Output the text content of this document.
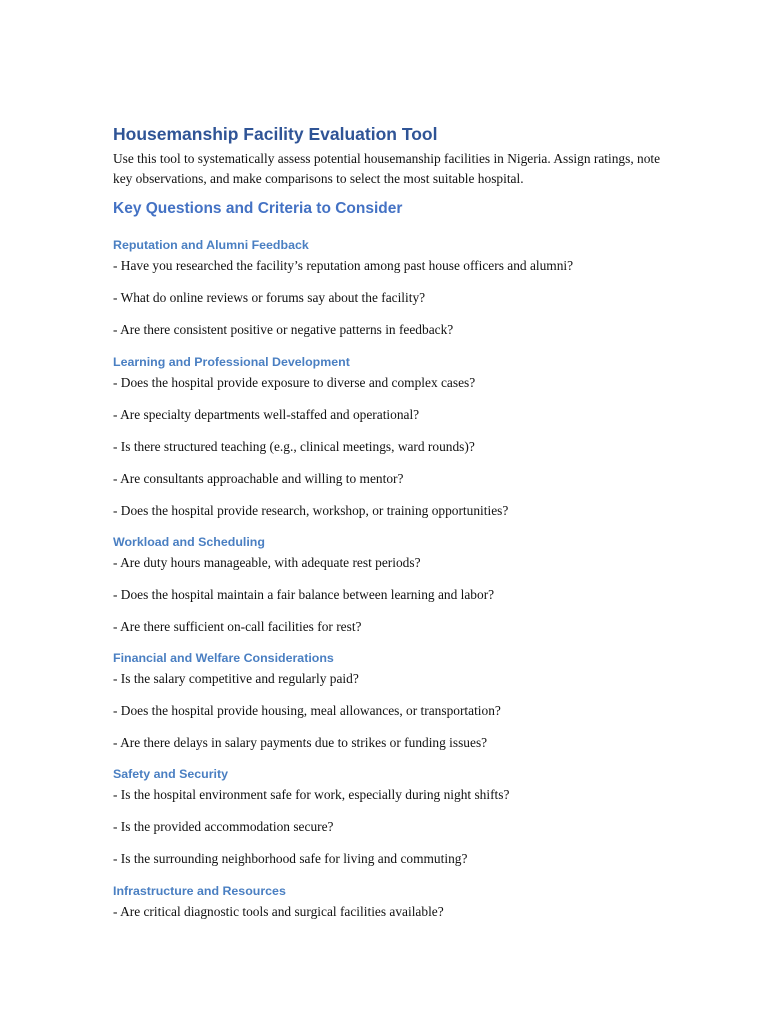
Housemanship Facility Evaluation Tool

Use this tool to systematically assess potential housemanship facilities in Nigeria. Assign ratings, note key observations, and make comparisons to select the most suitable hospital.

Key Questions and Criteria to Consider
Reputation and Alumni Feedback

- Have you researched the facility’s reputation among past house officers and alumni?

- What do online reviews or forums say about the facility?

- Are there consistent positive or negative patterns in feedback?

Learning and Professional Development

- Does the hospital provide exposure to diverse and complex cases?

- Are specialty departments well-staffed and operational?

- Is there structured teaching (e.g., clinical meetings, ward rounds)?

- Are consultants approachable and willing to mentor?

- Does the hospital provide research, workshop, or training opportunities?

Workload and Scheduling

- Are duty hours manageable, with adequate rest periods?

- Does the hospital maintain a fair balance between learning and labor?

- Are there sufficient on-call facilities for rest?

Financial and Welfare Considerations

- Is the salary competitive and regularly paid?

- Does the hospital provide housing, meal allowances, or transportation?

- Are there delays in salary payments due to strikes or funding issues?

Safety and Security

- Is the hospital environment safe for work, especially during night shifts?

- Is the provided accommodation secure?

- Is the surrounding neighborhood safe for living and commuting?

Infrastructure and Resources

- Are critical diagnostic tools and surgical facilities available?
